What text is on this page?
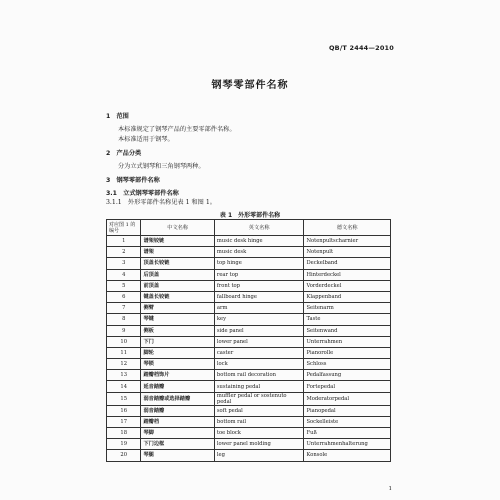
QB/T 2444—2010
钢琴零部件名称
1　 范围
本标准规定了钢琴产品的主要零部件名称。
本标准适用于钢琴。
2　 产品分类
分为立式钢琴和三角钢琴两种。
3　 钢琴零部件名称
3.1　立式钢琴零部件名称
3.1.1　外形零部件名称见表 1 和图 1。
表 1　外形零部件名称
对应图 1 的编号	中文名称	英文名称	德文名称
1	谱架铰链	music desk hinge	Notenpultscharnier
2	谱架	music desk	Notenpult
3	顶盖长铰链	top hinge	Deckelband
4	后顶盖	rear top	Hinterdeckel
5	前顶盖	front top	Vorderdeckel
6	键盖长铰链	fallboard hinge	Klappenband
7	侧臂	arm	Seitenarm
8	琴键	key	Taste
9	侧板	side panel	Seitenwand
10	下门	lower panel	Unterrahmen
11	脚轮	caster	Pianorolle
12	琴锁	lock	Schloss
13	踏瓣档饰片	bottom rail decoration	Pedalfassung
14	延音踏瓣	sustaining pedal	Fortepedal
15	弱音踏瓣或选择踏瓣	muffler pedal or sostenuto pedal	Moderatorpedal
16	弱音踏瓣	soft pedal	Pianopedal
17	踏瓣档	bottom rail	Sockelleiste
18	琴脚	toe block	Fuß
19	下门边框	lower panel molding	Unterrahmenhalterung
20	琴腿	leg	Konsole
1
